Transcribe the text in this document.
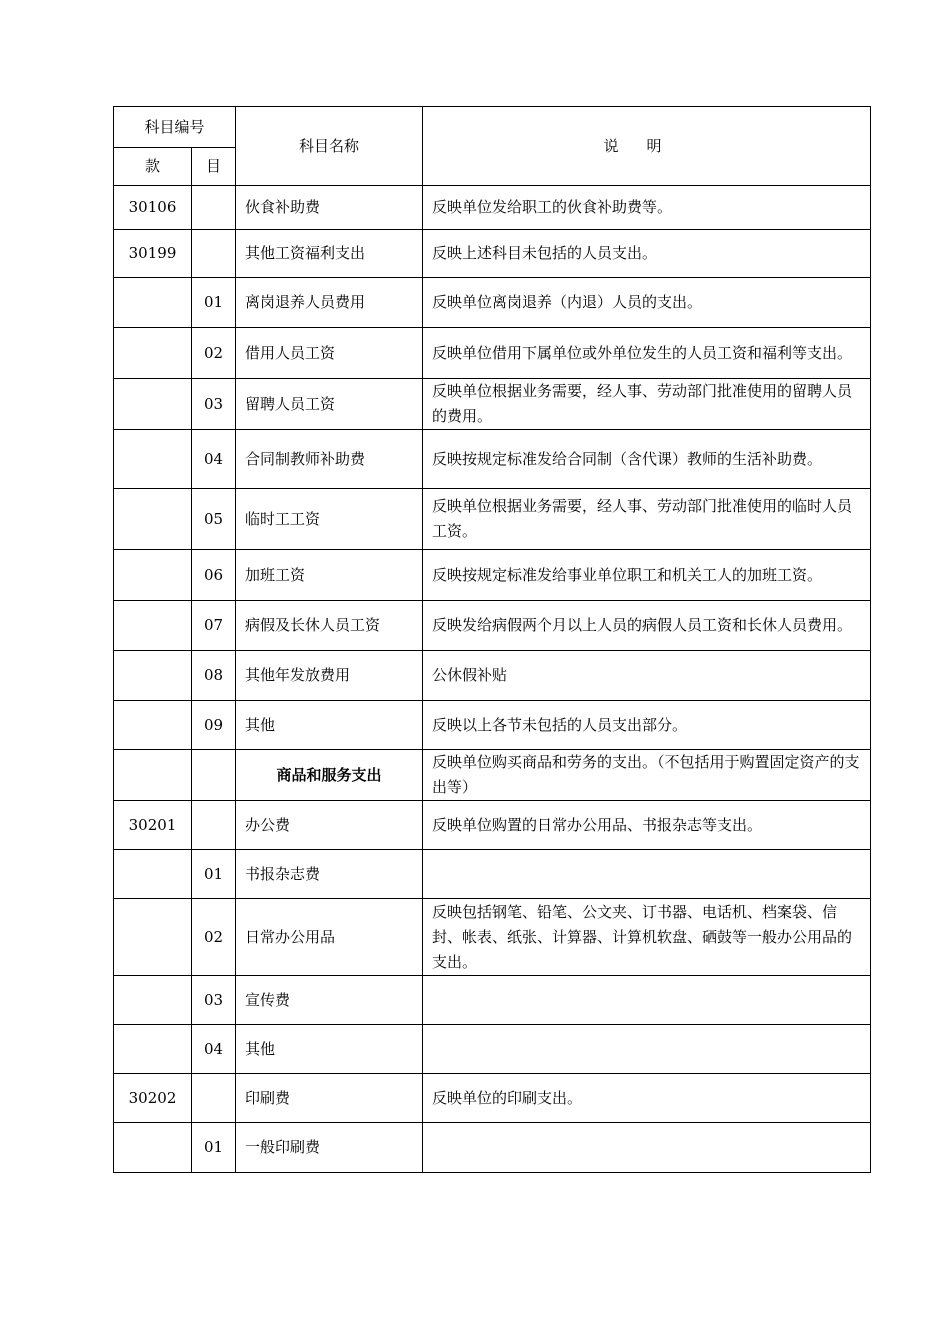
科目编号		科目名称	说明
款	目		
30106		伙食补助费	反映单位发给职工的伙食补助费等。
30199		其他工资福利支出	反映上述科目未包括的人员支出。
	01	离岗退养人员费用	反映单位离岗退养（内退）人员的支出。
	02	借用人员工资	反映单位借用下属单位或外单位发生的人员工资和福利等支出。
	03	留聘人员工资	反映单位根据业务需要，经人事、劳动部门批准使用的留聘人员的费用。
	04	合同制教师补助费	反映按规定标准发给合同制（含代课）教师的生活补助费。
	05	临时工工资	反映单位根据业务需要，经人事、劳动部门批准使用的临时人员工资。
	06	加班工资	反映按规定标准发给事业单位职工和机关工人的加班工资。
	07	病假及长休人员工资	反映发给病假两个月以上人员的病假人员工资和长休人员费用。
	08	其他年发放费用	公休假补贴
	09	其他	反映以上各节未包括的人员支出部分。
		商品和服务支出	反映单位购买商品和劳务的支出。（不包括用于购置固定资产的支出等）
30201		办公费	反映单位购置的日常办公用品、书报杂志等支出。
	01	书报杂志费	
	02	日常办公用品	反映包括钢笔、铅笔、公文夹、订书器、电话机、档案袋、信封、帐表、纸张、计算器、计算机软盘、硒鼓等一般办公用品的支出。
	03	宣传费	
	04	其他	
30202		印刷费	反映单位的印刷支出。
	01	一般印刷费	
